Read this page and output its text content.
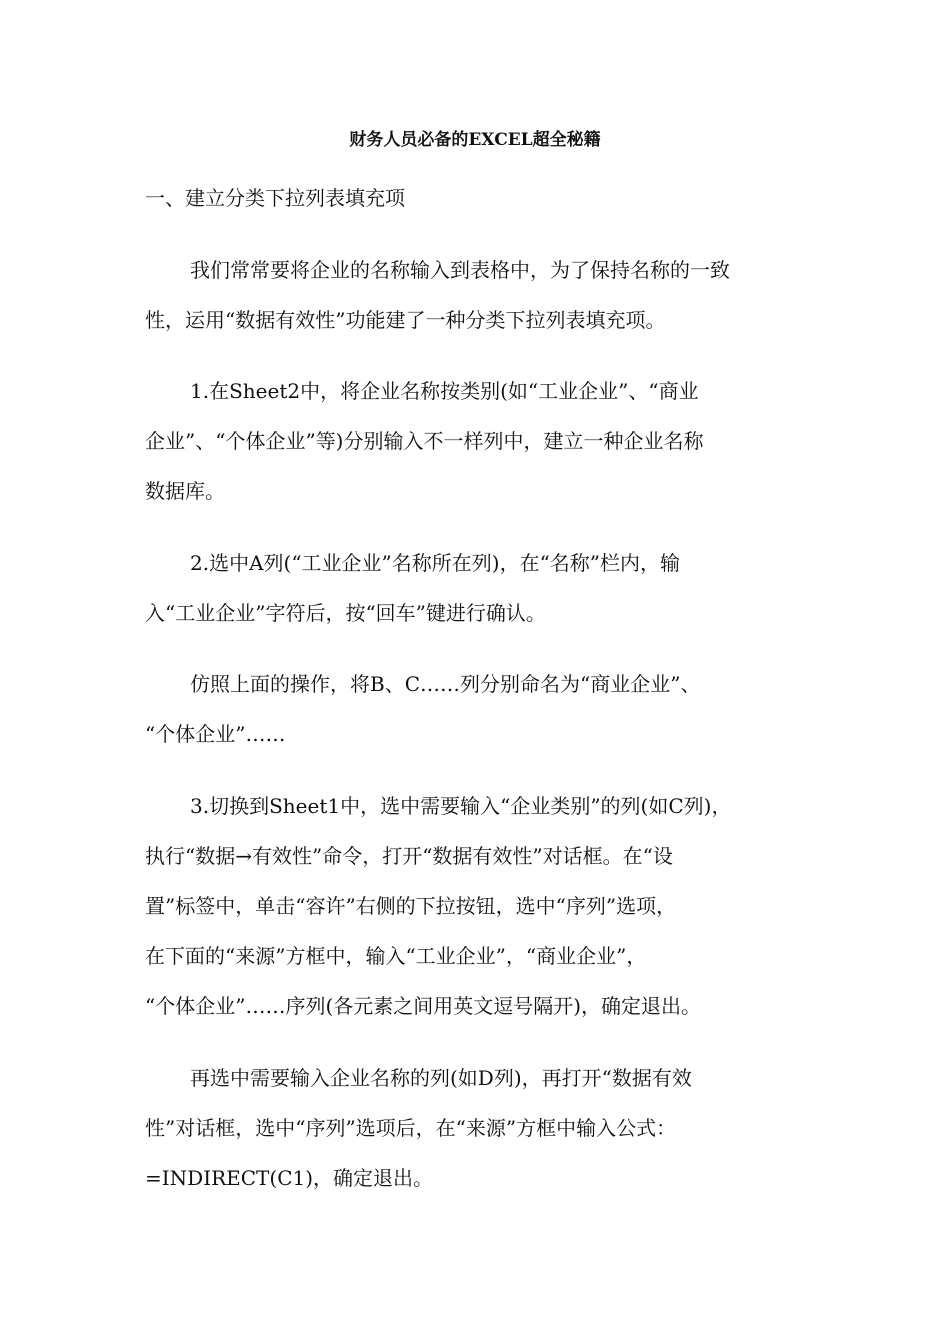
财务人员必备的EXCEL超全秘籍
一、建立分类下拉列表填充项
我们常常要将企业的名称输入到表格中，为了保持名称的一致
性，运用“数据有效性”功能建了一种分类下拉列表填充项。
1.在Sheet2中，将企业名称按类别(如“工业企业”、“商业
企业”、“个体企业”等)分别输入不一样列中，建立一种企业名称
数据库。
2.选中A列(“工业企业”名称所在列)，在“名称”栏内，输
入“工业企业”字符后，按“回车”键进行确认。
仿照上面的操作，将B、C……列分别命名为“商业企业”、
“个体企业”……
3.切换到Sheet1中，选中需要输入“企业类别”的列(如C列)，
执行“数据→有效性”命令，打开“数据有效性”对话框。在“设
置”标签中，单击“容许”右侧的下拉按钮，选中“序列”选项，
在下面的“来源”方框中，输入“工业企业”，“商业企业”，
“个体企业”……序列(各元素之间用英文逗号隔开)，确定退出。
再选中需要输入企业名称的列(如D列)，再打开“数据有效
性”对话框，选中“序列”选项后，在“来源”方框中输入公式：
=INDIRECT(C1)，确定退出。
